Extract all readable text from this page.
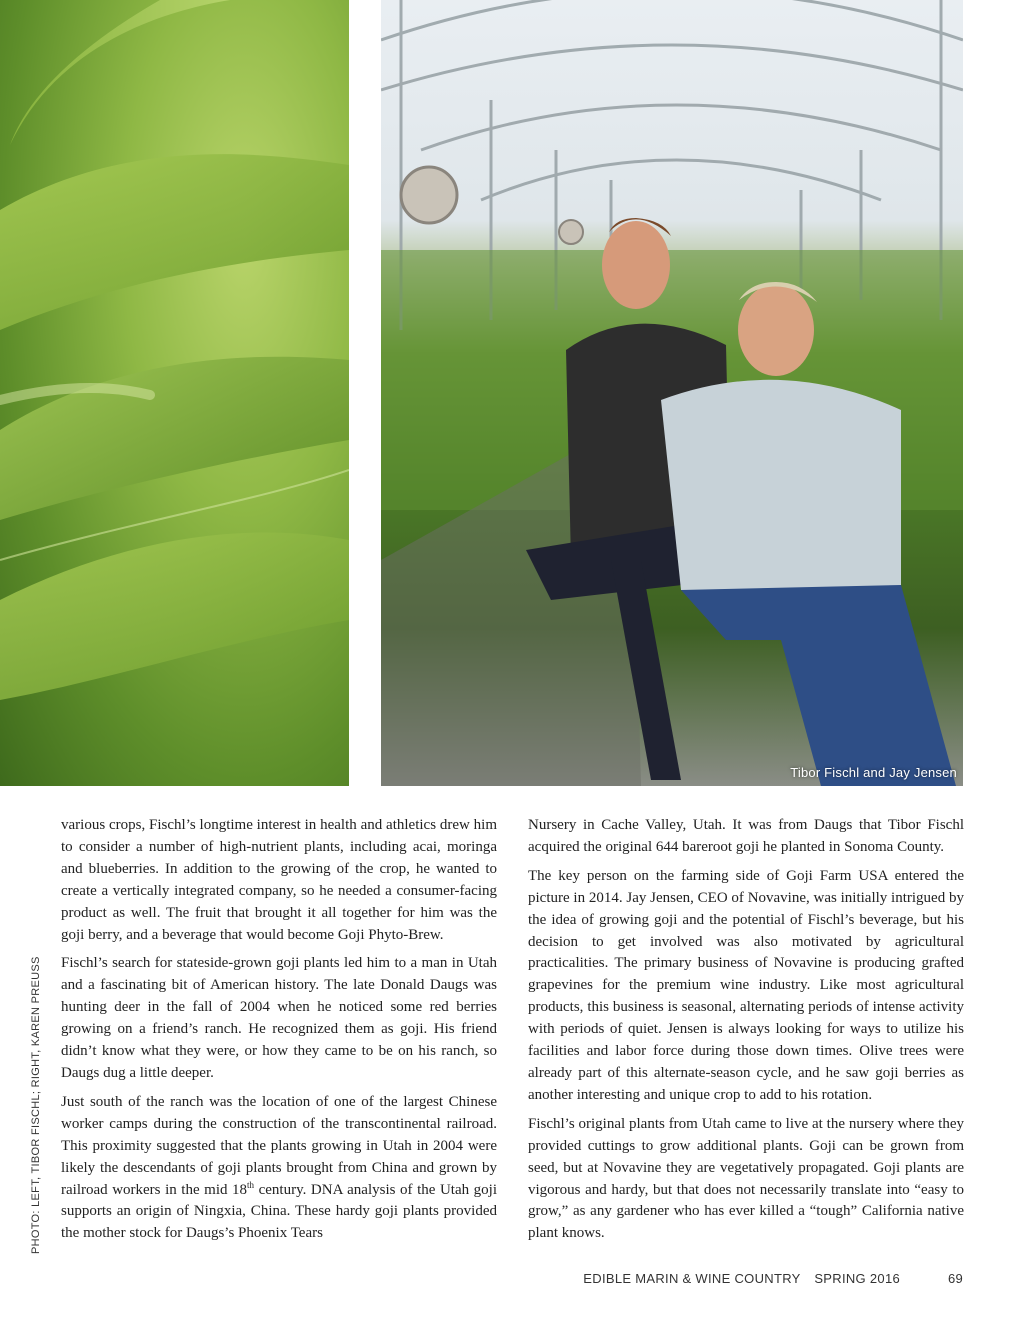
Tibor Fischl and Jay Jensen
PHOTO: LEFT, TIBOR FISCHL; RIGHT, KAREN PREUSS

various crops, Fischl’s longtime interest in health and athletics drew him to consider a number of high-nutrient plants, including acai, moringa and blueberries. In addition to the growing of the crop, he wanted to create a vertically integrated company, so he needed a consumer-facing product as well. The fruit that brought it all together for him was the goji berry, and a beverage that would become Goji Phyto-Brew.

Fischl’s search for stateside-grown goji plants led him to a man in Utah and a fascinating bit of American history. The late Donald Daugs was hunting deer in the fall of 2004 when he noticed some red berries growing on a friend’s ranch. He recognized them as goji. His friend didn’t know what they were, or how they came to be on his ranch, so Daugs dug a little deeper.

Just south of the ranch was the location of one of the largest Chinese worker camps during the construction of the transcontinental railroad. This proximity suggested that the plants growing in Utah in 2004 were likely the descendants of goji plants brought from China and grown by railroad workers in the mid 18th century. DNA analysis of the Utah goji supports an origin of Ningxia, China. These hardy goji plants provided the mother stock for Daugs’s Phoenix Tears

Nursery in Cache Valley, Utah. It was from Daugs that Tibor Fischl acquired the original 644 bareroot goji he planted in Sonoma County.

The key person on the farming side of Goji Farm USA entered the picture in 2014. Jay Jensen, CEO of Novavine, was initially intrigued by the idea of growing goji and the potential of Fischl’s beverage, but his decision to get involved was also motivated by agricultural practicalities. The primary business of Novavine is producing grafted grapevines for the premium wine industry. Like most agricultural products, this business is seasonal, alternating periods of intense activity with periods of quiet. Jensen is always looking for ways to utilize his facilities and labor force during those down times. Olive trees were already part of this alternate-season cycle, and he saw goji berries as another interesting and unique crop to add to his rotation.

Fischl’s original plants from Utah came to live at the nursery where they provided cuttings to grow additional plants. Goji can be grown from seed, but at Novavine they are vegetatively propagated. Goji plants are vigorous and hardy, but that does not necessarily translate into “easy to grow,” as any gardener who has ever killed a “tough” California native plant knows.

EDIBLE MARIN & WINE COUNTRY SPRING 2016	69
